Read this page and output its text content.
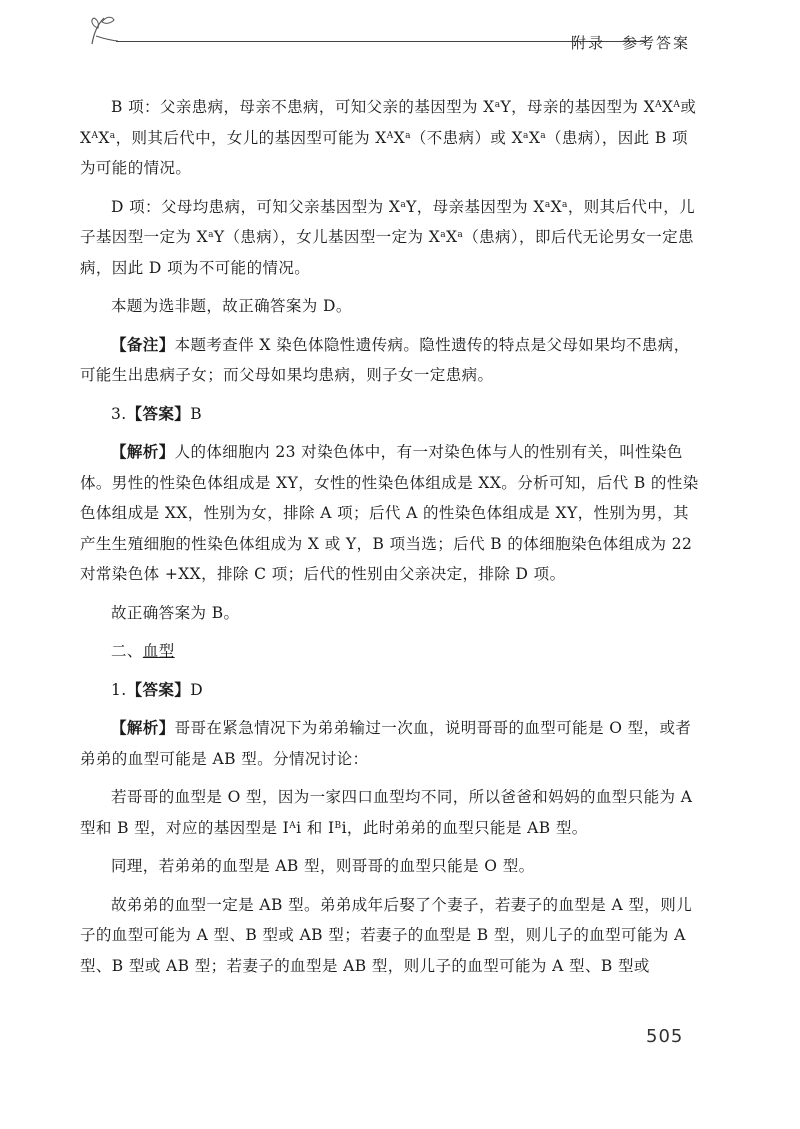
附录　参考答案

B 项：父亲患病，母亲不患病，可知父亲的基因型为 $X^aY$，母亲的基因型为 $X^AX^A$或 $X^AX^a$，则其后代中，女儿的基因型可能为 $X^AX^a$（不患病）或 $X^aX^a$（患病），因此 B 项为可能的情况。

D 项：父母均患病，可知父亲基因型为 $X^aY$，母亲基因型为 $X^aX^a$，则其后代中，儿子基因型一定为 $X^aY$（患病），女儿基因型一定为 $X^aX^a$（患病），即后代无论男女一定患病，因此 D 项为不可能的情况。

本题为选非题，故正确答案为 D。

【备注】本题考查伴 X 染色体隐性遗传病。隐性遗传的特点是父母如果均不患病，可能生出患病子女；而父母如果均患病，则子女一定患病。

3.【答案】B

【解析】人的体细胞内 23 对染色体中，有一对染色体与人的性别有关，叫性染色体。男性的性染色体组成是 XY，女性的性染色体组成是 XX。分析可知，后代 B 的性染色体组成是 XX，性别为女，排除 A 项；后代 A 的性染色体组成是 XY，性别为男，其产生生殖细胞的性染色体组成为 X 或 Y，B 项当选；后代 B 的体细胞染色体组成为 22 对常染色体 +XX，排除 C 项；后代的性别由父亲决定，排除 D 项。

故正确答案为 B。

二、血型

1.【答案】D

【解析】哥哥在紧急情况下为弟弟输过一次血，说明哥哥的血型可能是 O 型，或者弟弟的血型可能是 AB 型。分情况讨论：

若哥哥的血型是 O 型，因为一家四口血型均不同，所以爸爸和妈妈的血型只能为 A 型和 B 型，对应的基因型是 $I^Ai$ 和 $I^Bi$，此时弟弟的血型只能是 AB 型。

同理，若弟弟的血型是 AB 型，则哥哥的血型只能是 O 型。

故弟弟的血型一定是 AB 型。弟弟成年后娶了个妻子，若妻子的血型是 A 型，则儿子的血型可能为 A 型、B 型或 AB 型；若妻子的血型是 B 型，则儿子的血型可能为 A 型、B 型或 AB 型；若妻子的血型是 AB 型，则儿子的血型可能为 A 型、B 型或

505
